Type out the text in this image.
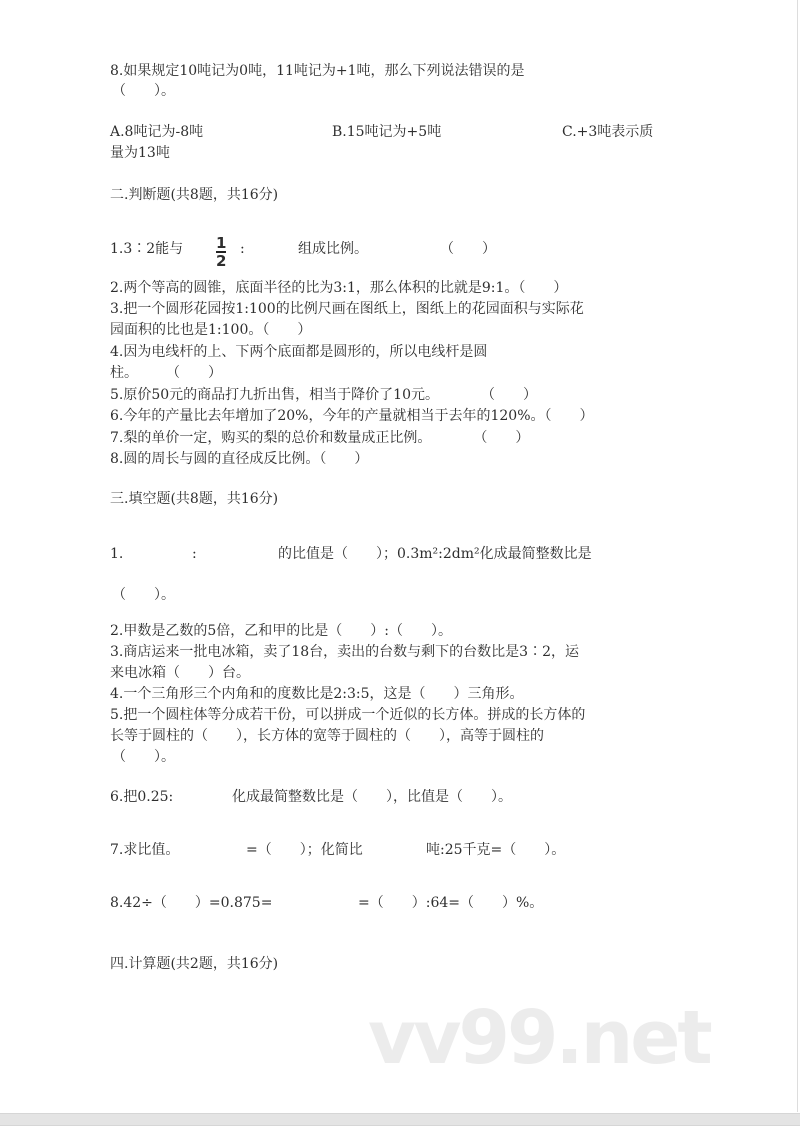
8.如果规定10吨记为0吨，11吨记为+1吨，那么下列说法错误的是
（　　）。
A.8吨记为-8吨	B.15吨记为+5吨	C.+3吨表示质
量为13吨
二.判断题(共8题，共16分)
1.3∶2能与 1
2
:	组成比例。	（　　）
2.两个等高的圆锥，底面半径的比为3:1，那么体积的比就是9:1。（　　）
3.把一个圆形花园按1:100的比例尺画在图纸上，图纸上的花园面积与实际花
园面积的比也是1:100。（　　）
4.因为电线杆的上、下两个底面都是圆形的，所以电线杆是圆
柱。　　　（　　）
5.原价50元的商品打九折出售，相当于降价了10元。　　　　（　　）
6.今年的产量比去年增加了20%，今年的产量就相当于去年的120%。（　　）
7.梨的单价一定，购买的梨的总价和数量成正比例。　　　　（　　）
8.圆的周长与圆的直径成反比例。（　　）
三.填空题(共8题，共16分)
1.	:	的比值是（　　）；0.3m²:2dm²化成最简整数比是
（　　）。
2.甲数是乙数的5倍，乙和甲的比是（　　）:（　　）。
3.商店运来一批电冰箱，卖了18台，卖出的台数与剩下的台数比是3∶2，运
来电冰箱（　　）台。
4.一个三角形三个内角和的度数比是2:3:5，这是（　　）三角形。
5.把一个圆柱体等分成若干份，可以拼成一个近似的长方体。拼成的长方体的
长等于圆柱的（　　），长方体的宽等于圆柱的（　　），高等于圆柱的
（　　）。
6.把0.25:	化成最简整数比是（　　），比值是（　　）。
7.求比值。	=（　　）；化简比	吨:25千克=（　　）。
8.42÷（　　）=0.875=	=（　　）:64=（　　）%。
四.计算题(共2题，共16分)
vv99.net
